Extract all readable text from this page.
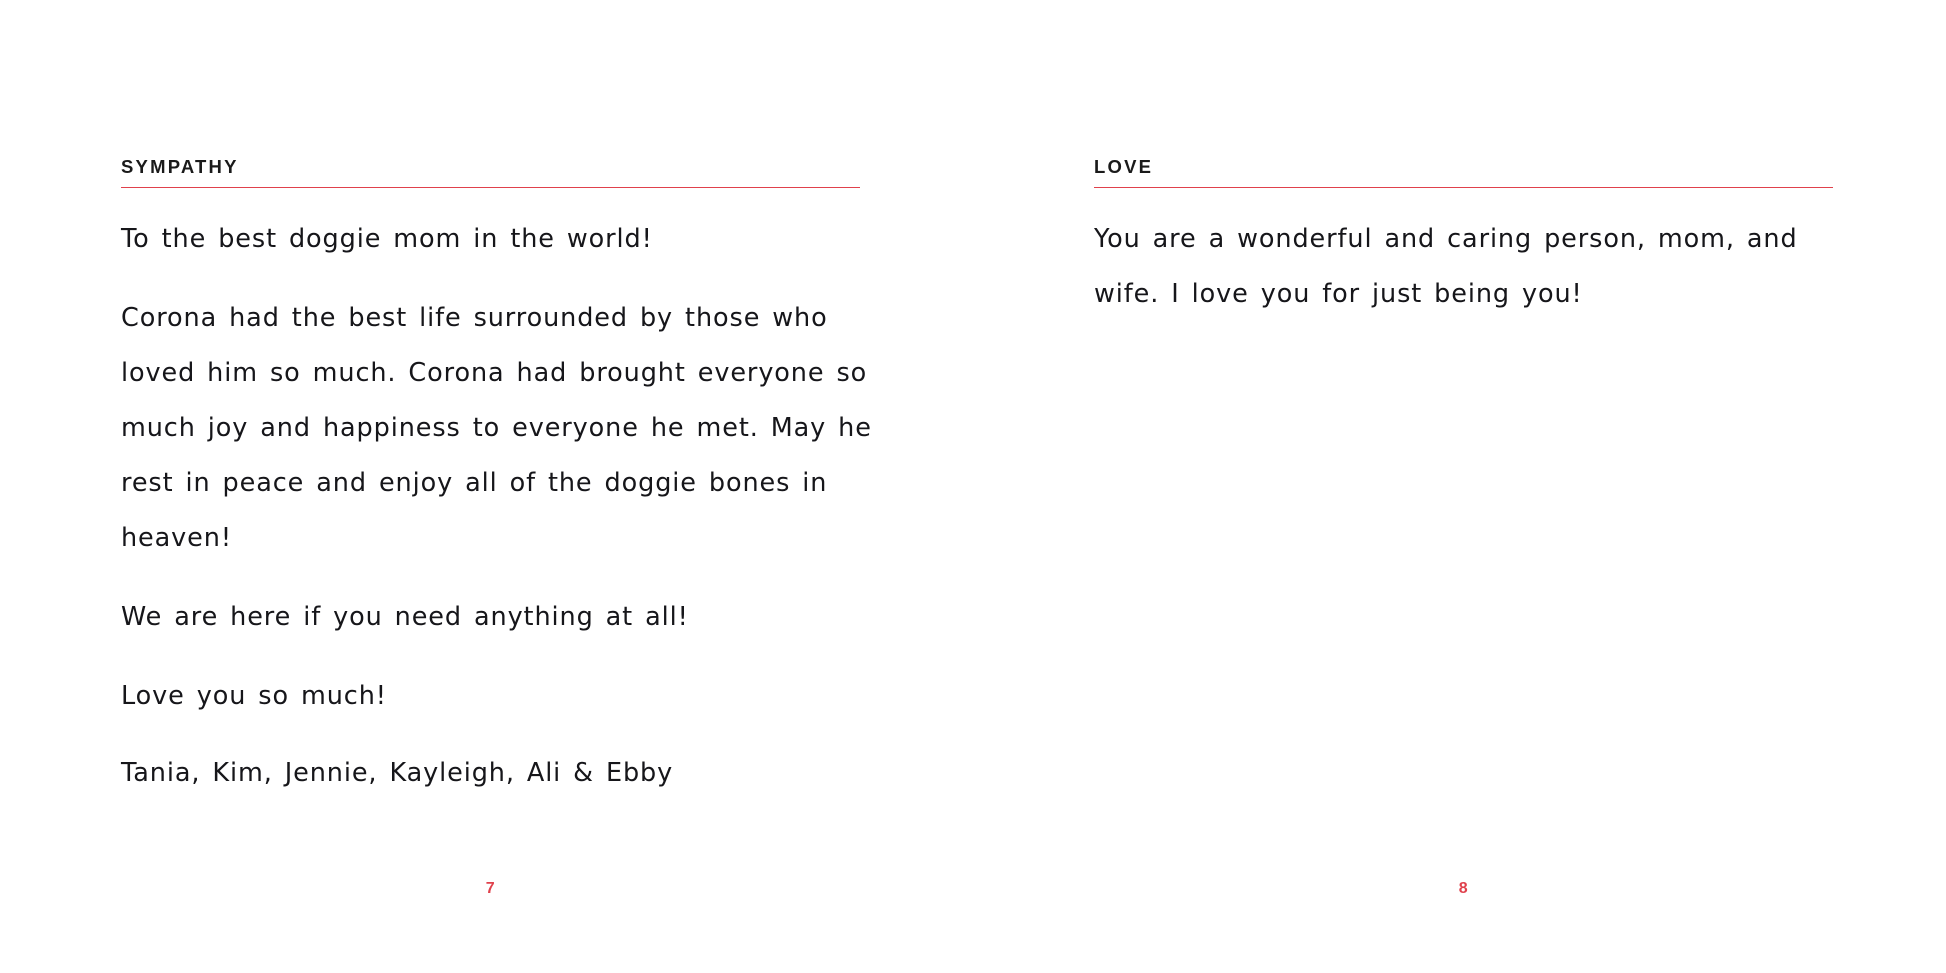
SYMPATHY

To the best doggie mom in the world!

Corona had the best life surrounded by those who loved him so much. Corona had brought everyone so much joy and happiness to everyone he met. May he rest in peace and enjoy all of the doggie bones in heaven!

We are here if you need anything at all!

Love you so much!

Tania, Kim, Jennie, Kayleigh, Ali & Ebby

7
LOVE

You are a wonderful and caring person, mom, and wife. I love you for just being you!

8
